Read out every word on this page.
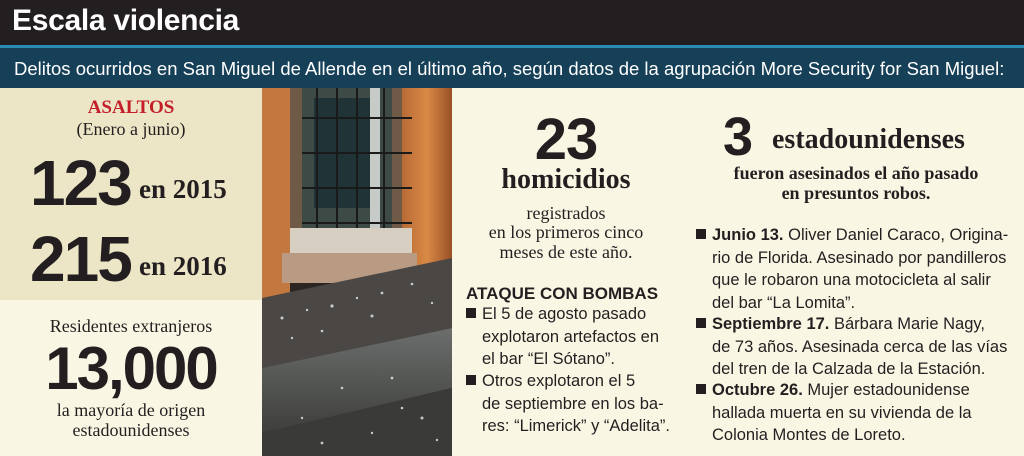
Escala violencia
Delitos ocurridos en San Miguel de Allende en el último año, según datos de la agrupación More Security for San Miguel:
ASALTOS
(Enero a junio)
123 en 2015
215 en 2016
Residentes extranjeros
13,000
la mayoría de origen
estadounidenses
23
homicidios
registrados
en los primeros cinco
meses de este año.
ATAQUE CON BOMBAS
El 5 de agosto pasado
explotaron artefactos en
el bar “El Sótano”.
Otros explotaron el 5
de septiembre en los ba-
res: “Limerick” y “Adelita”.
3 estadounidenses
fueron asesinados el año pasado
en presuntos robos.
Junio 13. Oliver Daniel Caraco, Origina-
rio de Florida. Asesinado por pandilleros
que le robaron una motocicleta al salir
del bar “La Lomita”.
Septiembre 17. Bárbara Marie Nagy,
de 73 años. Asesinada cerca de las vías
del tren de la Calzada de la Estación.
Octubre 26. Mujer estadounidense
hallada muerta en su vivienda de la
Colonia Montes de Loreto.
